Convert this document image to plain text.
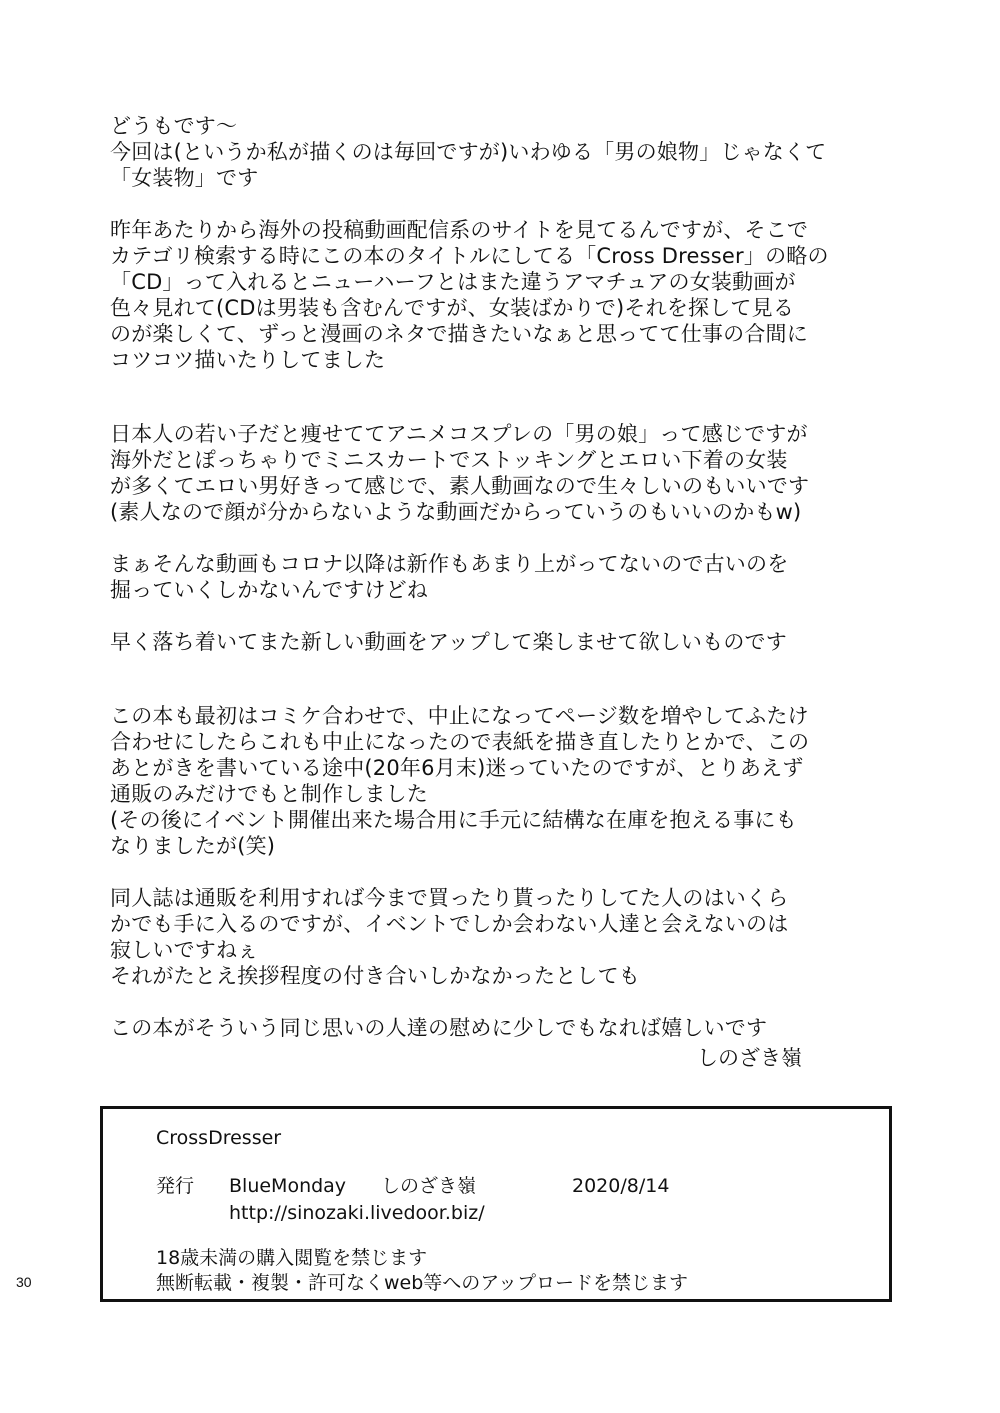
どうもです～
今回は(というか私が描くのは毎回ですが)いわゆる「男の娘物」じゃなくて
「女装物」です
昨年あたりから海外の投稿動画配信系のサイトを見てるんですが、そこで
カテゴリ検索する時にこの本のタイトルにしてる「Cross Dresser」の略の
「CD」って入れるとニューハーフとはまた違うアマチュアの女装動画が
色々見れて(CDは男装も含むんですが、女装ばかりで)それを探して見る
のが楽しくて、ずっと漫画のネタで描きたいなぁと思ってて仕事の合間に
コツコツ描いたりしてました
日本人の若い子だと痩せててアニメコスプレの「男の娘」って感じですが
海外だとぽっちゃりでミニスカートでストッキングとエロい下着の女装
が多くてエロい男好きって感じで、素人動画なので生々しいのもいいです
(素人なので顔が分からないような動画だからっていうのもいいのかもw)
まぁそんな動画もコロナ以降は新作もあまり上がってないので古いのを
掘っていくしかないんですけどね
早く落ち着いてまた新しい動画をアップして楽しませて欲しいものです
この本も最初はコミケ合わせで、中止になってページ数を増やしてふたけ
合わせにしたらこれも中止になったので表紙を描き直したりとかで、この
あとがきを書いている途中(20年6月末)迷っていたのですが、とりあえず
通販のみだけでもと制作しました
(その後にイベント開催出来た場合用に手元に結構な在庫を抱える事にも
なりましたが(笑)
同人誌は通販を利用すれば今まで買ったり貰ったりしてた人のはいくら
かでも手に入るのですが、イベントでしか会わない人達と会えないのは
寂しいですねぇ
それがたとえ挨拶程度の付き合いしかなかったとしても
この本がそういう同じ思いの人達の慰めに少しでもなれば嬉しいです
しのざき嶺
CrossDresser
発行 BlueMonday しのざき嶺	2020/8/14
http://sinozaki.livedoor.biz/
18歳未満の購入閲覧を禁じます
無断転載・複製・許可なくweb等へのアップロードを禁じます
30
